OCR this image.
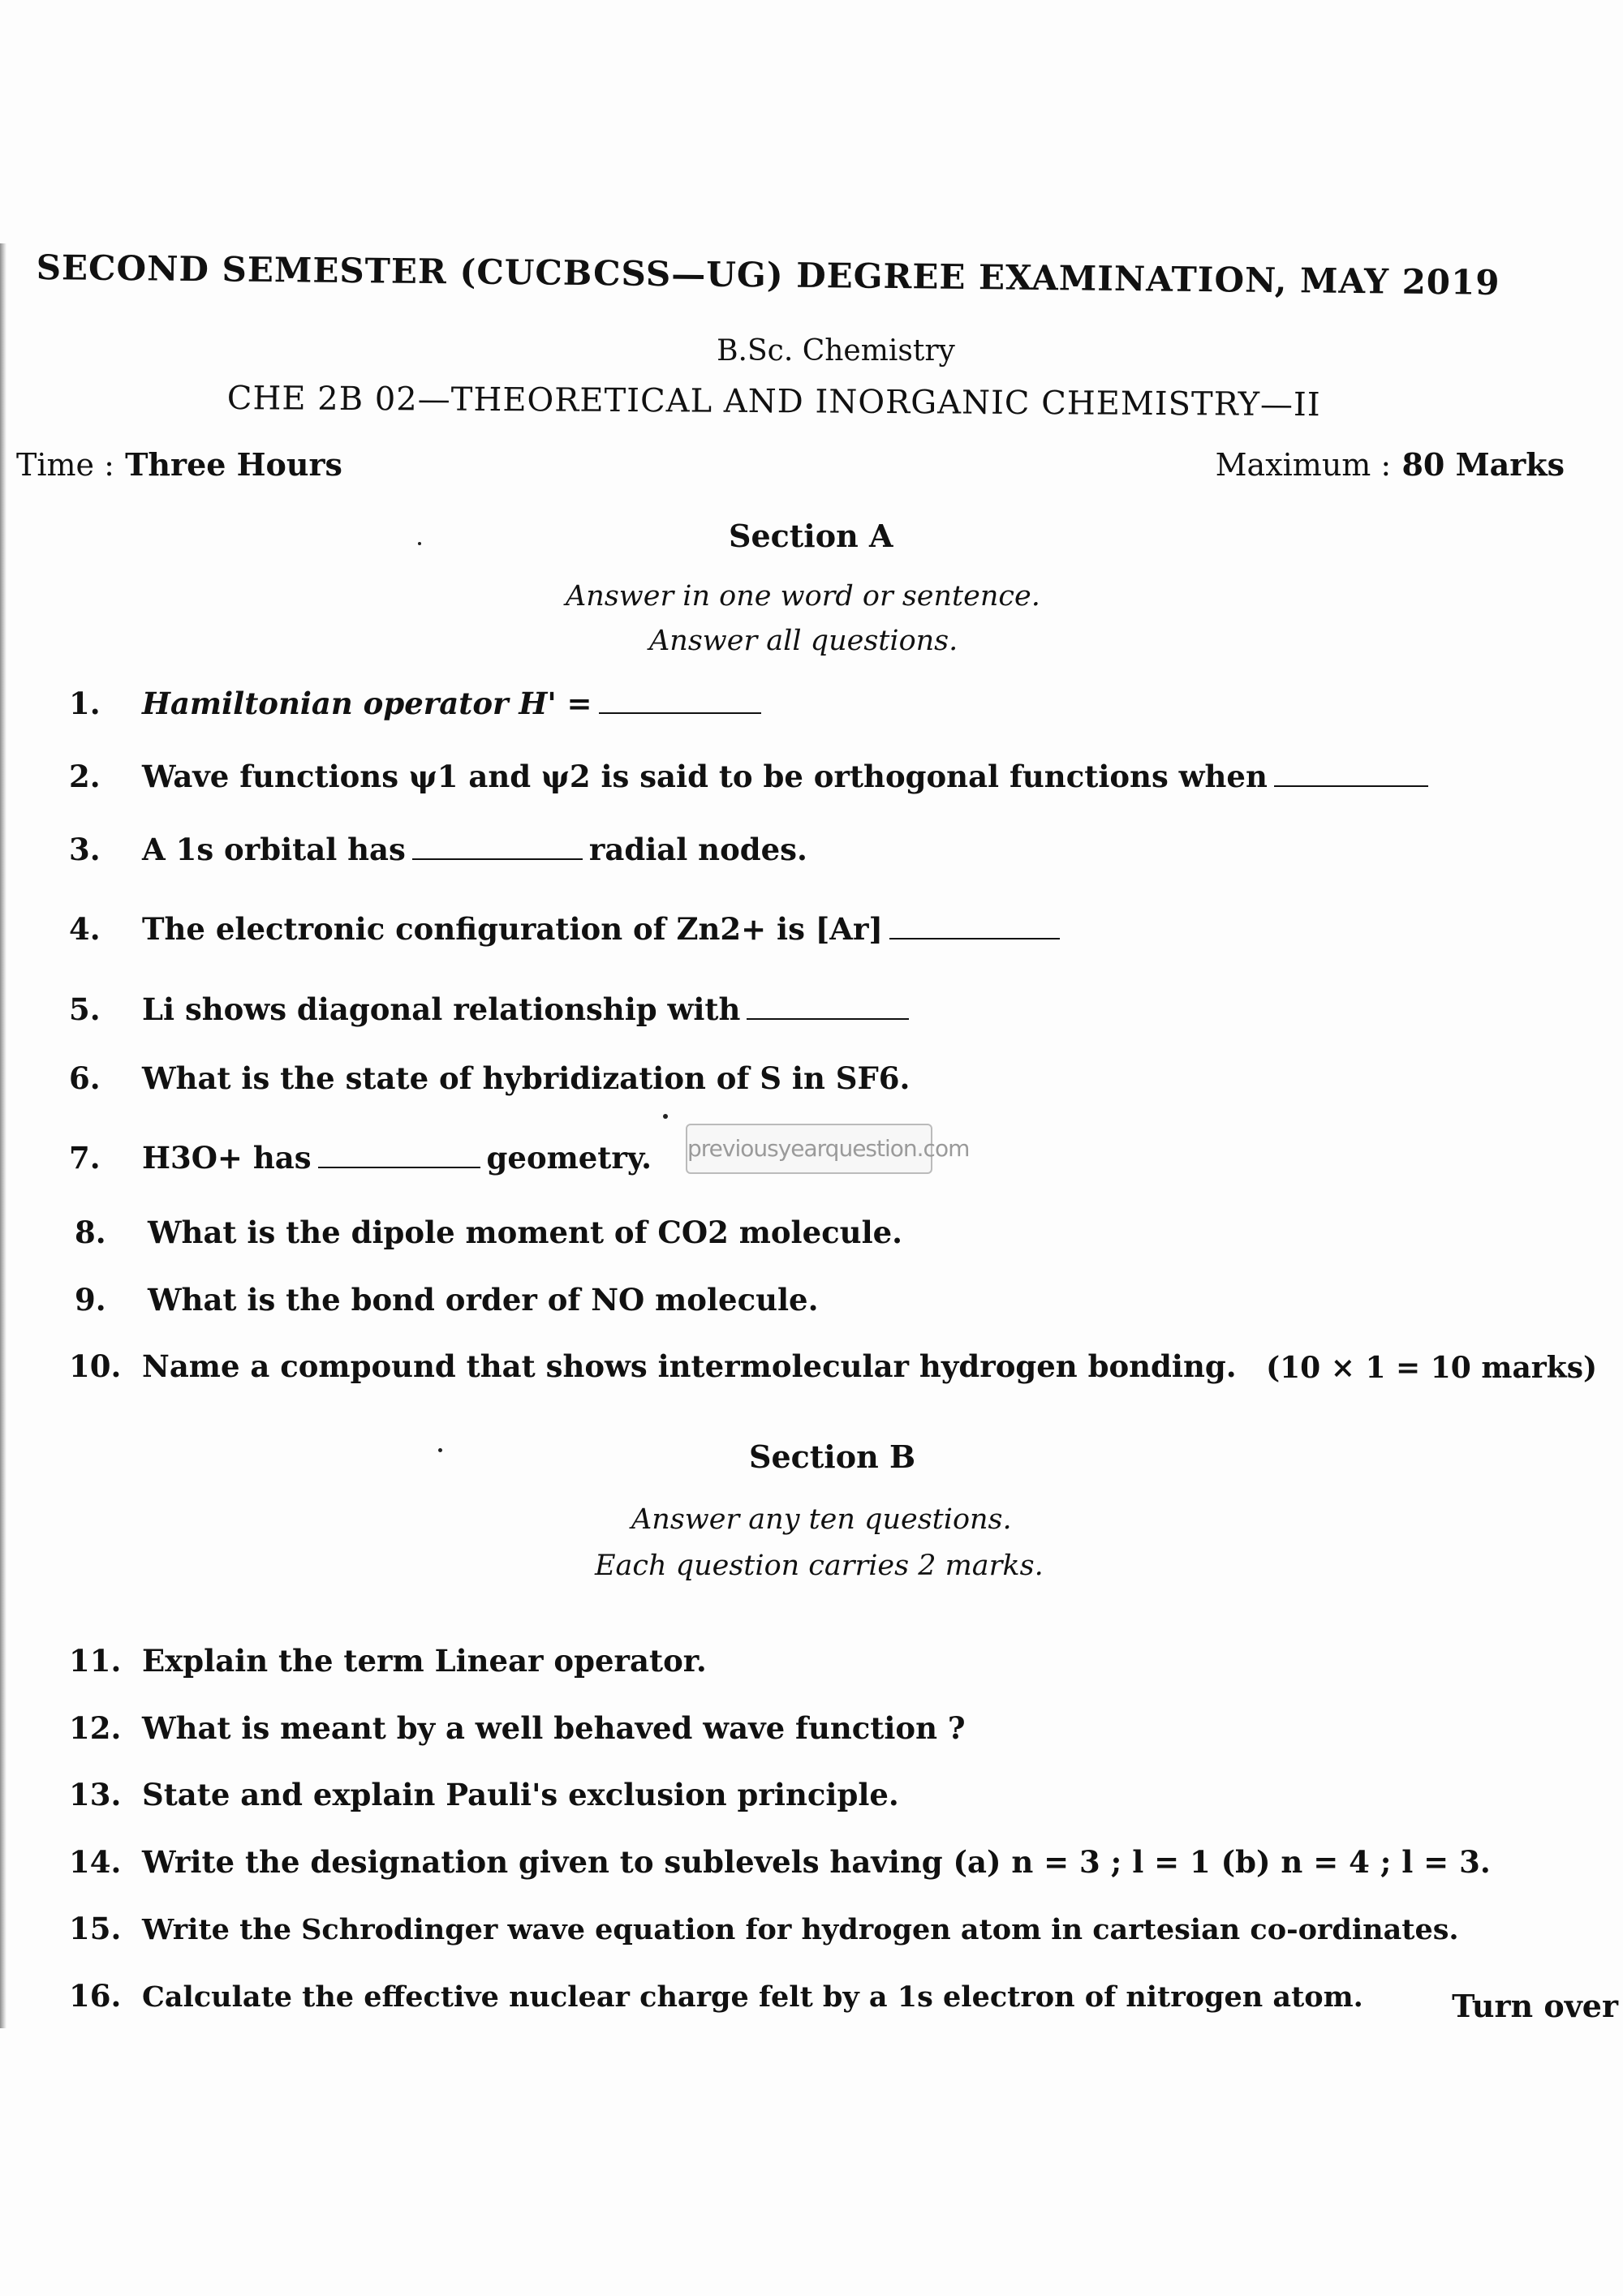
SECOND SEMESTER (CUCBCSS—UG) DEGREE EXAMINATION, MAY 2019
B.Sc. Chemistry
CHE 2B 02—THEORETICAL AND INORGANIC CHEMISTRY—II
Time : Three Hours	Maximum : 80 Marks
Section A
Answer in one word or sentence.
Answer all questions.
1.	Hamiltonian operator H' =
2.	Wave functions ψ1 and ψ2 is said to be orthogonal functions when
3.	A 1s orbital has	radial nodes.
4.	The electronic configuration of Zn2+ is [Ar]
5.	Li shows diagonal relationship with
6.	What is the state of hybridization of S in SF6.
7.	H3O+ has	geometry. previousyearquestion.com
8.	What is the dipole moment of CO2 molecule.
9.	What is the bond order of NO molecule.
10. Name a compound that shows intermolecular hydrogen bonding. (10 × 1 = 10 marks)
Section B
Answer any ten questions.
Each question carries 2 marks.
11. Explain the term Linear operator.
12. What is meant by a well behaved wave function ?
13. State and explain Pauli's exclusion principle.
14. Write the designation given to sublevels having (a) n = 3 ; l = 1 (b) n = 4 ; l = 3.
15. Write the Schrodinger wave equation for hydrogen atom in cartesian co-ordinates.
16. Calculate the effective nuclear charge felt by a 1s electron of nitrogen atom.	Turn over
